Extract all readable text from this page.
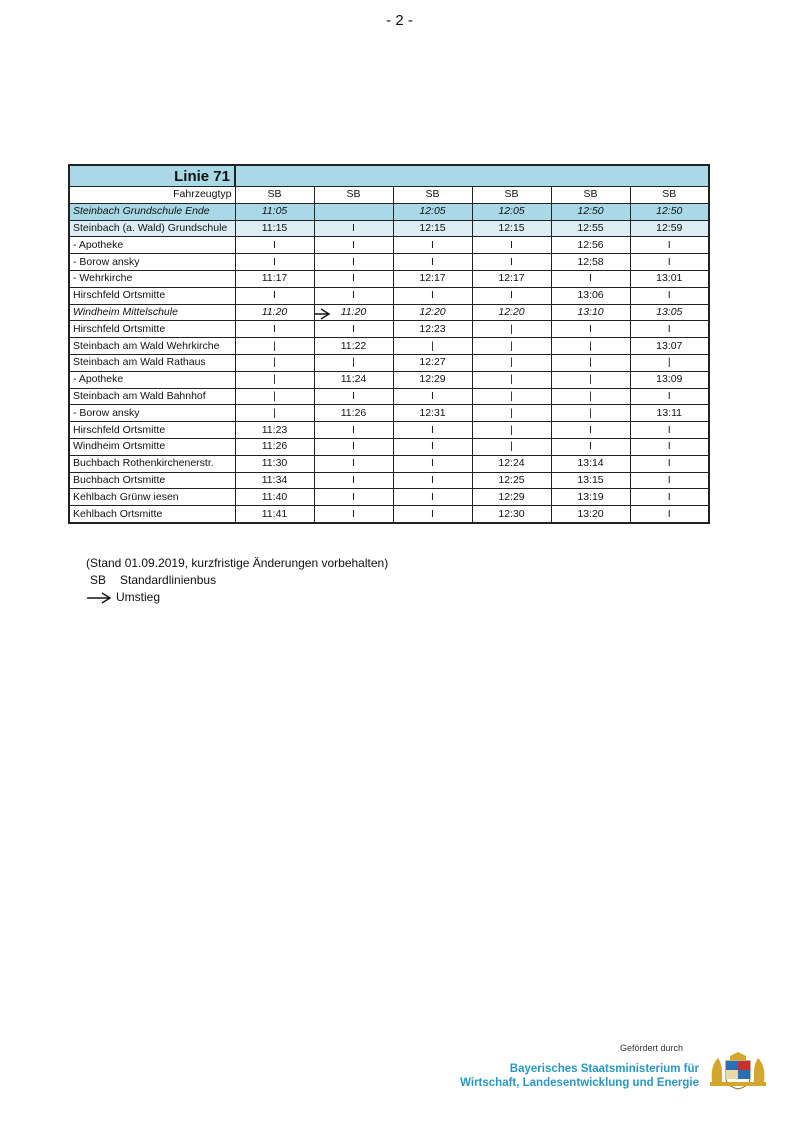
- 2 -
Linie 71						
Fahrzeugtyp	SB	SB	SB	SB	SB	SB
Steinbach Grundschule Ende	11:05		12:05	12:05	12:50	12:50
Steinbach (a. Wald) Grundschule	11:15	I	12:15	12:15	12:55	12:59
- Apotheke	I	I	I	I	12:56	I
- Borow ansky	I	I	I	I	12:58	I
- Wehrkirche	11:17	I	12:17	12:17	I	13:01
Hirschfeld Ortsmitte	I	I	I	I	13:06	I
Windheim Mittelschule	11:20	11:20	12:20	12:20	13:10	13:05
Hirschfeld Ortsmitte	I	I	12:23	|	I	I
Steinbach am Wald Wehrkirche	|	11:22	|	|	|	13:07
Steinbach am Wald Rathaus	|	|	12:27	|	|	|
- Apotheke	|	11:24	12:29	|	|	13:09
Steinbach am Wald Bahnhof	|	I	I	|	|	I
- Borow ansky	|	11:26	12:31	|	|	13:11
Hirschfeld Ortsmitte	11:23	I	I	|	I	I
Windheim Ortsmitte	11:26	I	I	|	I	I
Buchbach Rothenkirchenerstr.	11:30	I	I	12:24	13:14	I
Buchbach Ortsmitte	11:34	I	I	12:25	13:15	I
Kehlbach Grünw iesen	11:40	I	I	12:29	13:19	I
Kehlbach Ortsmitte	11:41	I	I	12:30	13:20	I
(Stand 01.09.2019, kurzfristige Änderungen vorbehalten)
SB	Standardlinienbus
Umstieg
Gefördert durch
Bayerisches Staatsministerium für
Wirtschaft, Landesentwicklung und Energie
